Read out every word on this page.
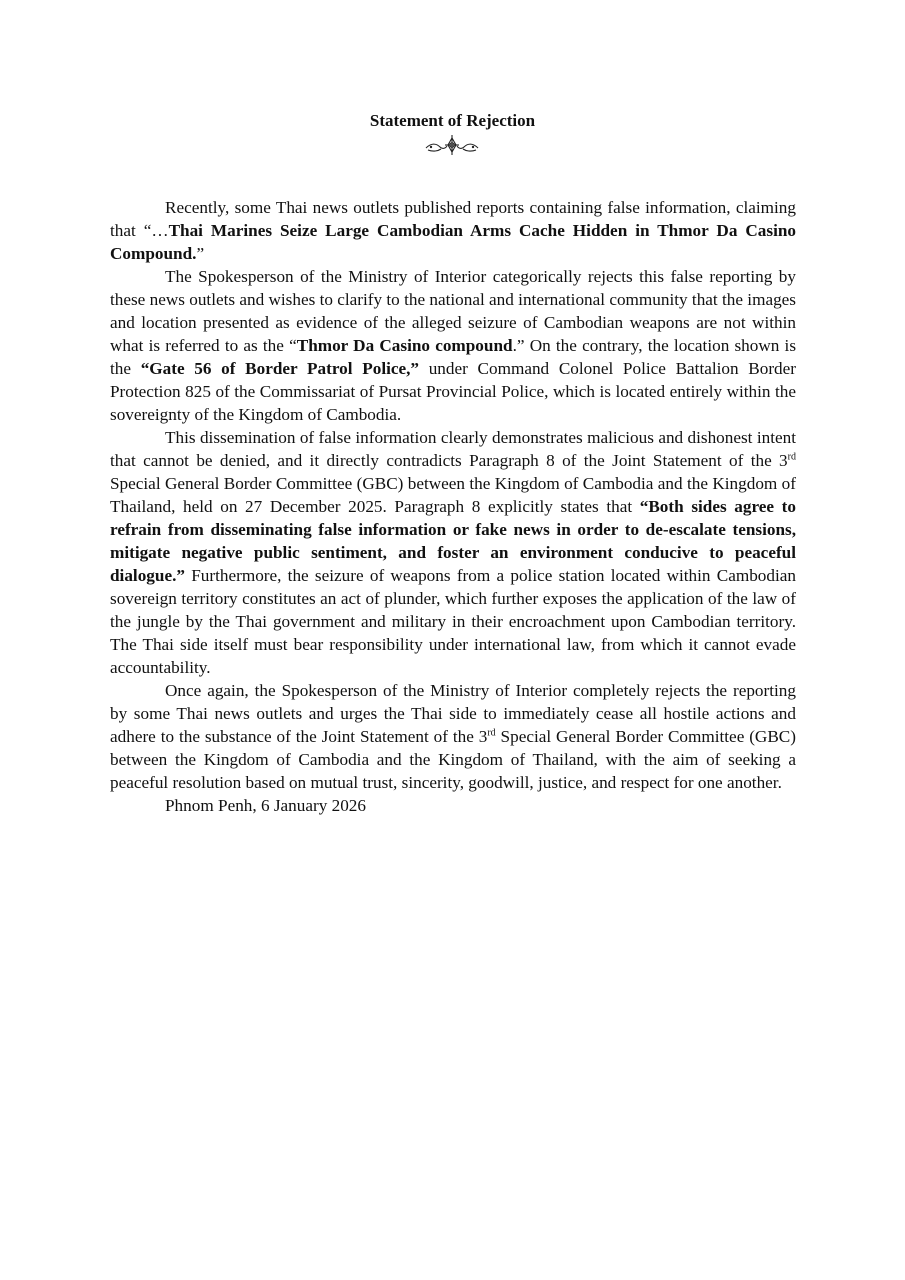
Statement of Rejection

Recently, some Thai news outlets published reports containing false information, claiming that “…Thai Marines Seize Large Cambodian Arms Cache Hidden in Thmor Da Casino Compound.”

The Spokesperson of the Ministry of Interior categorically rejects this false reporting by these news outlets and wishes to clarify to the national and international community that the images and location presented as evidence of the alleged seizure of Cambodian weapons are not within what is referred to as the “Thmor Da Casino compound.” On the contrary, the location shown is the “Gate 56 of Border Patrol Police,” under Command Colonel Police Battalion Border Protection 825 of the Commissariat of Pursat Provincial Police, which is located entirely within the sovereignty of the Kingdom of Cambodia.

This dissemination of false information clearly demonstrates malicious and dishonest intent that cannot be denied, and it directly contradicts Paragraph 8 of the Joint Statement of the 3rd Special General Border Committee (GBC) between the Kingdom of Cambodia and the Kingdom of Thailand, held on 27 December 2025. Paragraph 8 explicitly states that “Both sides agree to refrain from disseminating false information or fake news in order to de-escalate tensions, mitigate negative public sentiment, and foster an environment conducive to peaceful dialogue.” Furthermore, the seizure of weapons from a police station located within Cambodian sovereign territory constitutes an act of plunder, which further exposes the application of the law of the jungle by the Thai government and military in their encroachment upon Cambodian territory. The Thai side itself must bear responsibility under international law, from which it cannot evade accountability.

Once again, the Spokesperson of the Ministry of Interior completely rejects the reporting by some Thai news outlets and urges the Thai side to immediately cease all hostile actions and adhere to the substance of the Joint Statement of the 3rd Special General Border Committee (GBC) between the Kingdom of Cambodia and the Kingdom of Thailand, with the aim of seeking a peaceful resolution based on mutual trust, sincerity, goodwill, justice, and respect for one another.

Phnom Penh, 6 January 2026
